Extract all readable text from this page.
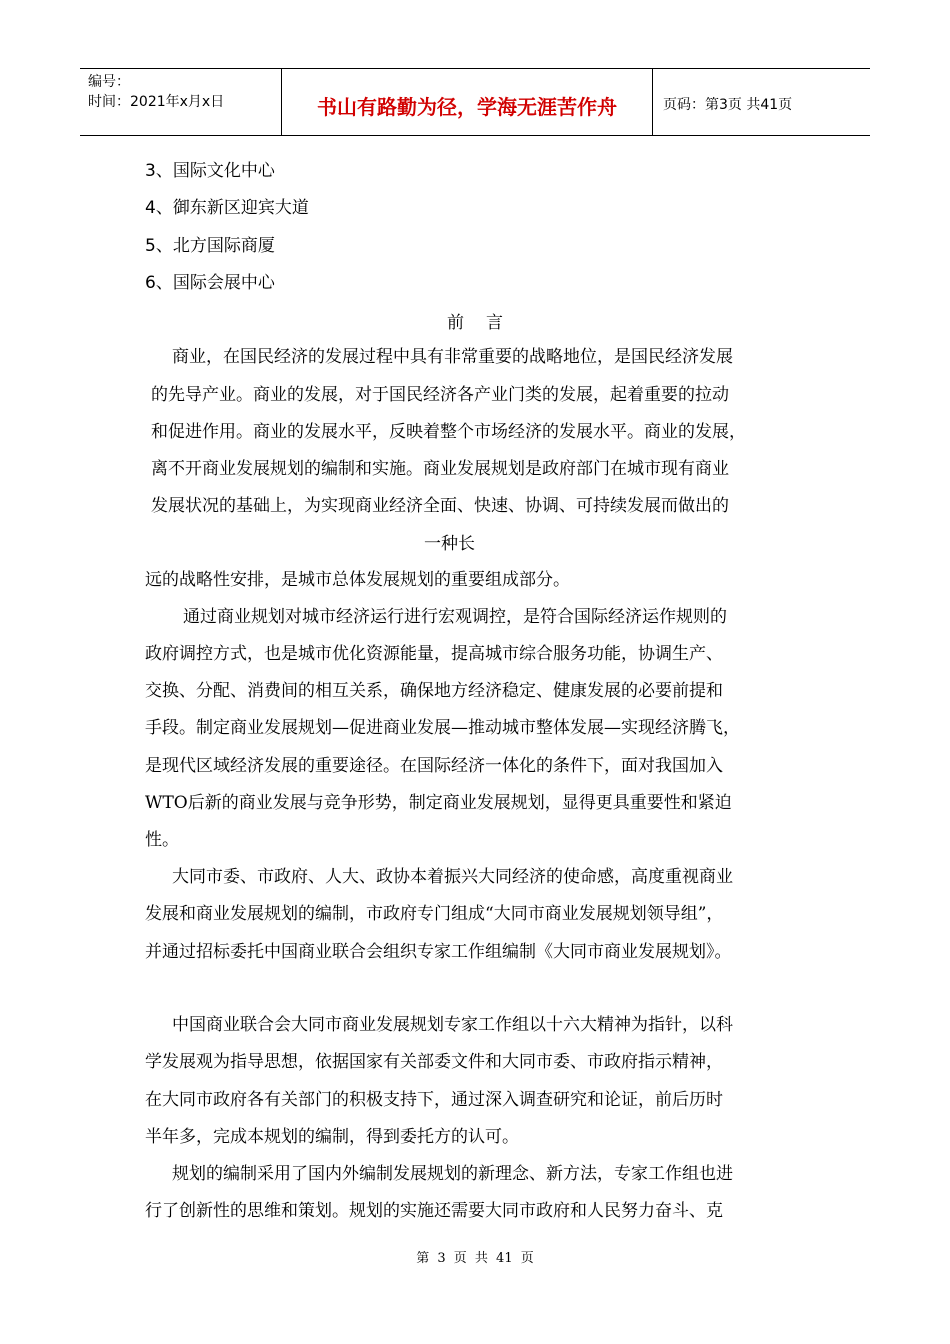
编号：
时间：2021年x月x日	书山有路勤为径，学海无涯苦作舟	页码：第3页 共41页
3、国际文化中心
4、御东新区迎宾大道
5、北方国际商厦
6、国际会展中心
前言
商业，在国民经济的发展过程中具有非常重要的战略地位，是国民经济发展
的先导产业。商业的发展，对于国民经济各产业门类的发展，起着重要的拉动
和促进作用。商业的发展水平，反映着整个市场经济的发展水平。商业的发展，
离不开商业发展规划的编制和实施。商业发展规划是政府部门在城市现有商业
发展状况的基础上，为实现商业经济全面、快速、协调、可持续发展而做出的
一种长
远的战略性安排，是城市总体发展规划的重要组成部分。
通过商业规划对城市经济运行进行宏观调控，是符合国际经济运作规则的
政府调控方式，也是城市优化资源能量，提高城市综合服务功能，协调生产、
交换、分配、消费间的相互关系，确保地方经济稳定、健康发展的必要前提和
手段。制定商业发展规划—促进商业发展—推动城市整体发展—实现经济腾飞，
是现代区域经济发展的重要途径。在国际经济一体化的条件下，面对我国加入
WTO后新的商业发展与竞争形势，制定商业发展规划，显得更具重要性和紧迫
性。
大同市委、市政府、人大、政协本着振兴大同经济的使命感，高度重视商业
发展和商业发展规划的编制，市政府专门组成“大同市商业发展规划领导组”，
并通过招标委托中国商业联合会组织专家工作组编制《大同市商业发展规划》。
中国商业联合会大同市商业发展规划专家工作组以十六大精神为指针，以科
学发展观为指导思想，依据国家有关部委文件和大同市委、市政府指示精神，
在大同市政府各有关部门的积极支持下，通过深入调查研究和论证，前后历时
半年多，完成本规划的编制，得到委托方的认可。
规划的编制采用了国内外编制发展规划的新理念、新方法，专家工作组也进
行了创新性的思维和策划。规划的实施还需要大同市政府和人民努力奋斗、克
第 3 页 共 41 页
